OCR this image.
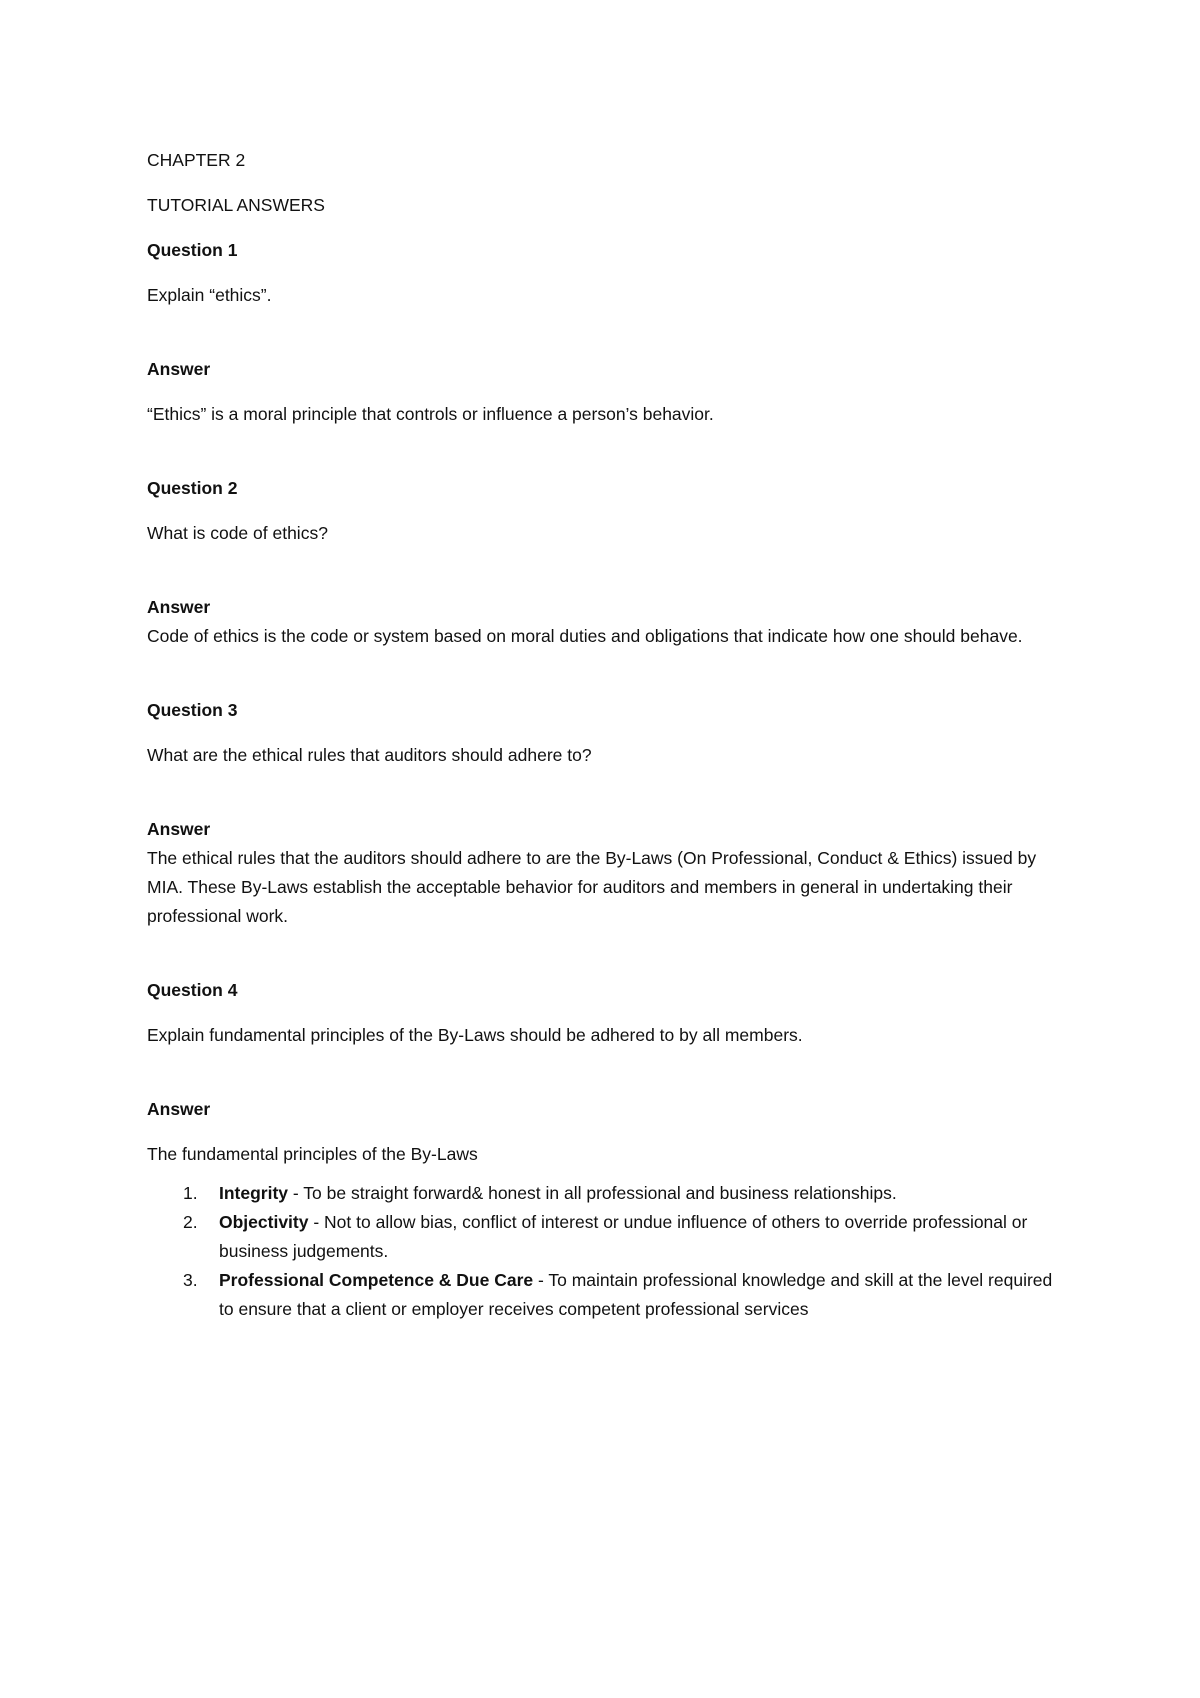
CHAPTER 2

TUTORIAL ANSWERS

Question 1

Explain “ethics”.

Answer

“Ethics” is a moral principle that controls or influence a person’s behavior.

Question 2

What is code of ethics?

Answer

Code of ethics is the code or system based on moral duties and obligations that indicate how one should behave.

Question 3

What are the ethical rules that auditors should adhere to?

Answer

The ethical rules that the auditors should adhere to are the By-Laws (On Professional, Conduct & Ethics) issued by MIA. These By-Laws establish the acceptable behavior for auditors and members in general in undertaking their professional work.

Question 4

Explain fundamental principles of the By-Laws should be adhered to by all members.

Answer

The fundamental principles of the By-Laws

1. Integrity - To be straight forward& honest in all professional and business relationships.
2. Objectivity - Not to allow bias, conflict of interest or undue influence of others to override professional or business judgements.
3. Professional Competence & Due Care - To maintain professional knowledge and skill at the level required to ensure that a client or employer receives competent professional services
